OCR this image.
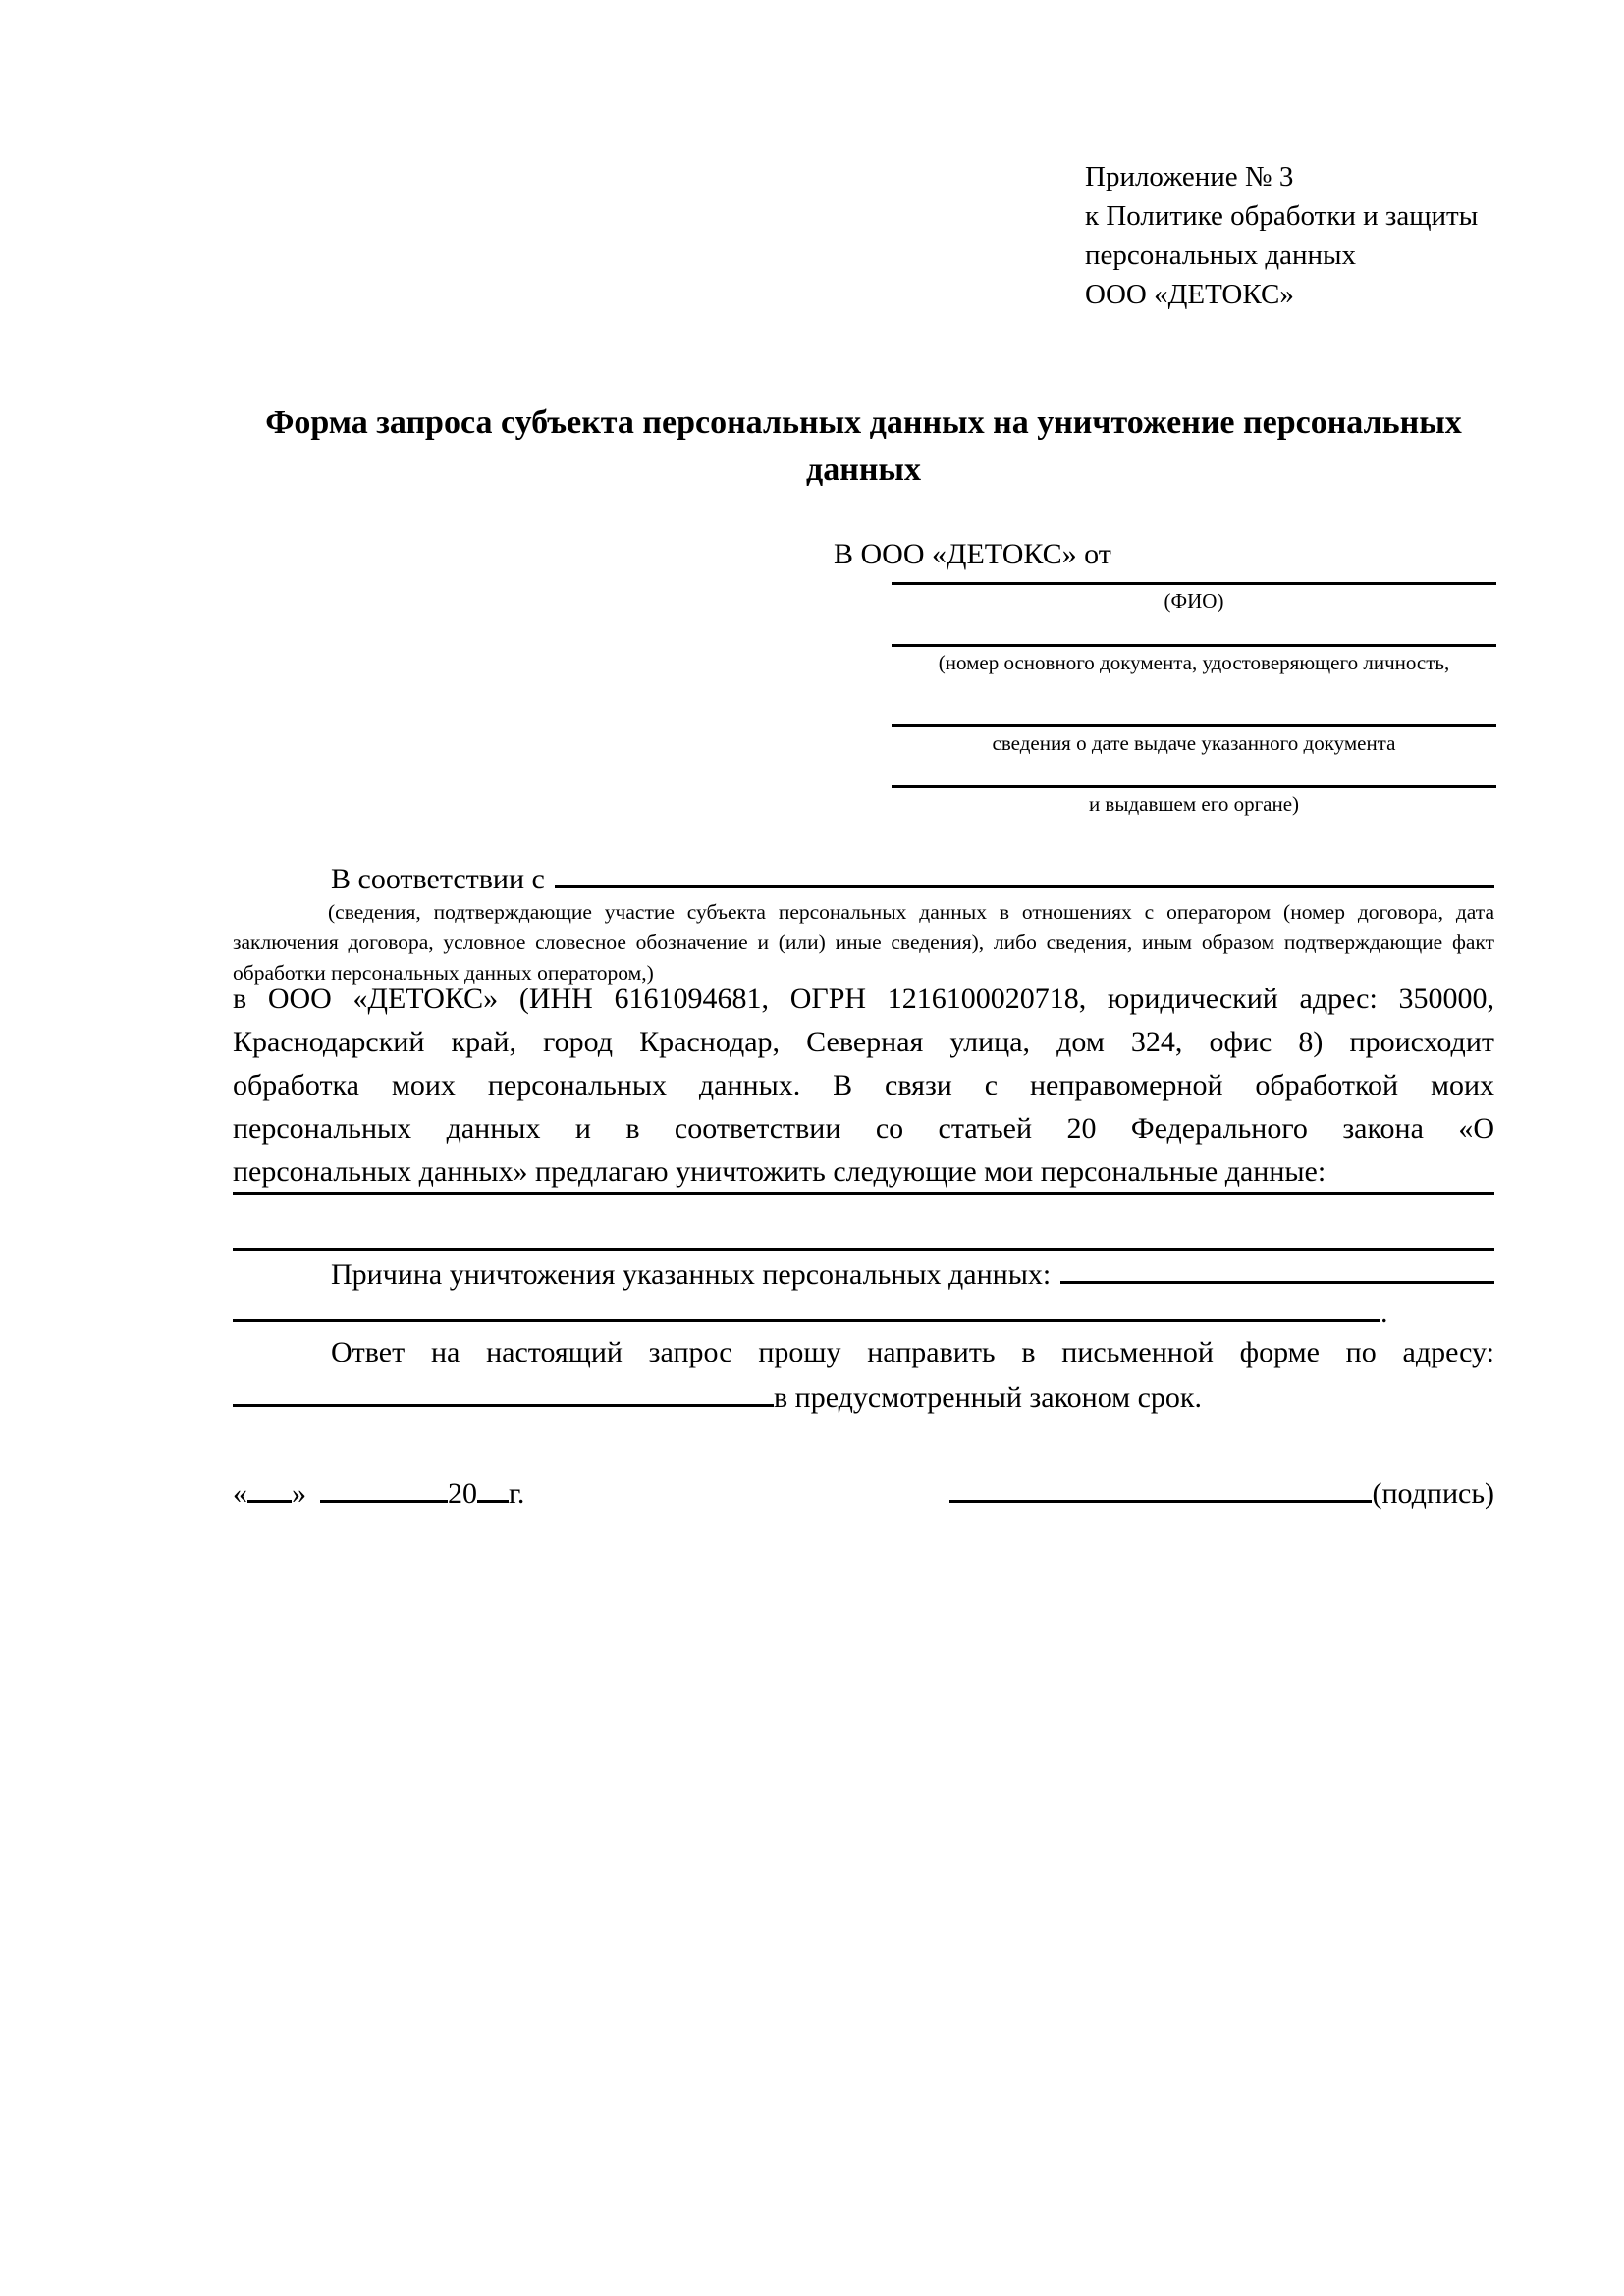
Приложение № 3
к Политике обработки и защиты
персональных данных
ООО «ДЕТОКС»
Форма запроса субъекта персональных данных на уничтожение персональных данных
В ООО «ДЕТОКС» от
(ФИО)
(номер основного документа, удостоверяющего личность,
сведения о дате выдаче указанного документа
и выдавшем его органе)
В соответствии с
(сведения, подтверждающие участие субъекта персональных данных в отношениях с оператором (номер договора, дата
заключения договора, условное словесное обозначение и (или) иные сведения), либо сведения, иным образом подтверждающие факт
обработки персональных данных оператором,)
в ООО «ДЕТОКС» (ИНН 6161094681, ОГРН 1216100020718, юридический адрес: 350000,
Краснодарский край, город Краснодар, Северная улица, дом 324, офис 8) происходит
обработка моих персональных данных. В связи с неправомерной обработкой моих
персональных данных и в соответствии со статьей 20 Федерального закона «О
персональных данных» предлагаю уничтожить следующие мои персональные данные:
Причина уничтожения указанных персональных данных:
.
Ответ на настоящий запрос прошу направить в письменной форме по адресу:
в предусмотренный законом срок.
« »	20 г.	(подпись)
